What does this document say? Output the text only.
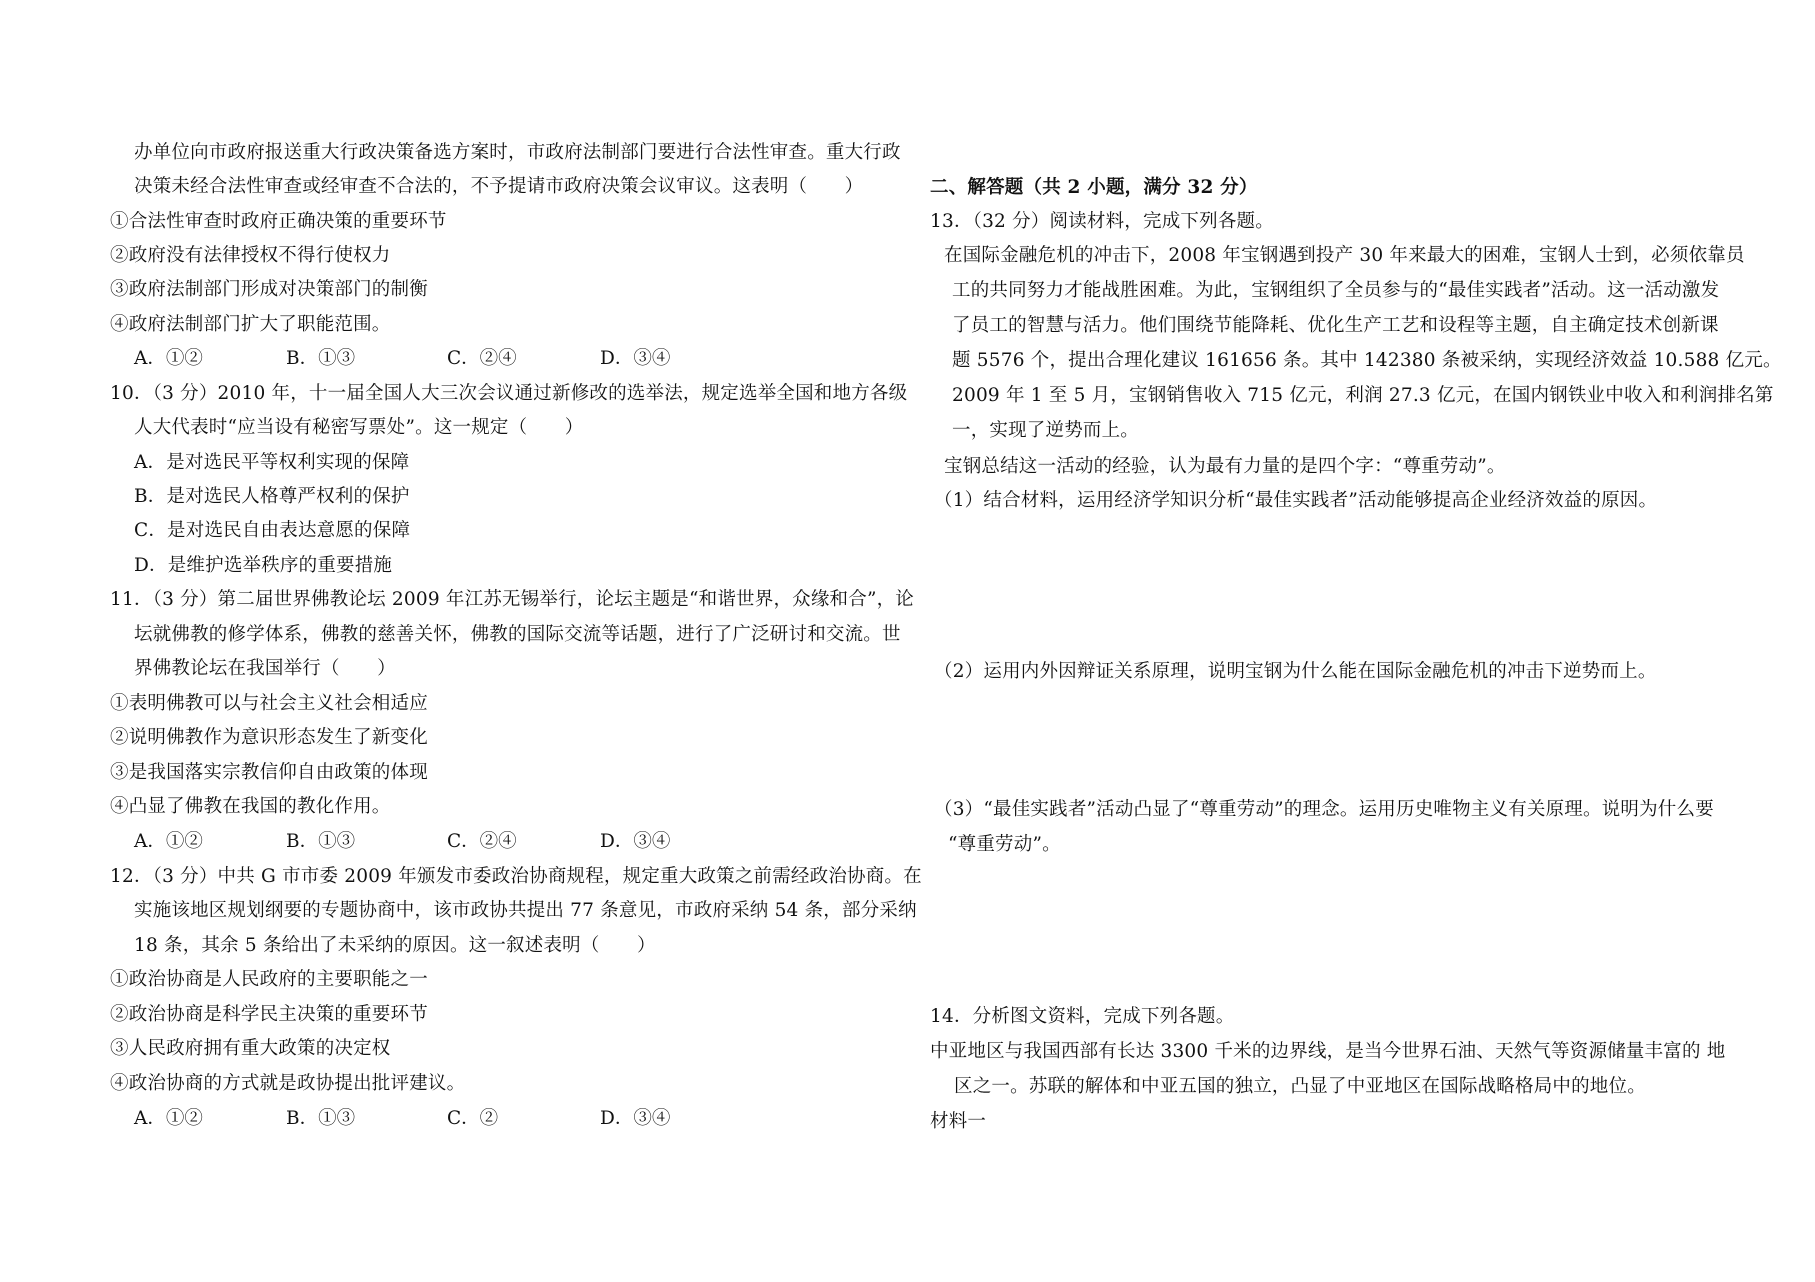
办单位向市政府报送重大行政决策备选方案时，市政府法制部门要进行合法性审查。重大行政
决策未经合法性审查或经审查不合法的，不予提请市政府决策会议审议。这表明（　　）
①合法性审查时政府正确决策的重要环节
②政府没有法律授权不得行使权力
③政府法制部门形成对决策部门的制衡
④政府法制部门扩大了职能范围。
A．①②	B．①③	C．②④	D．③④
10．（3 分）2010 年，十一届全国人大三次会议通过新修改的选举法，规定选举全国和地方各级
人大代表时“应当设有秘密写票处”。这一规定（　　）
A．是对选民平等权利实现的保障
B．是对选民人格尊严权利的保护
C．是对选民自由表达意愿的保障
D．是维护选举秩序的重要措施
11．（3 分）第二届世界佛教论坛 2009 年江苏无锡举行，论坛主题是“和谐世界，众缘和合”，论
坛就佛教的修学体系，佛教的慈善关怀，佛教的国际交流等话题，进行了广泛研讨和交流。世
界佛教论坛在我国举行（　　）
①表明佛教可以与社会主义社会相适应
②说明佛教作为意识形态发生了新变化
③是我国落实宗教信仰自由政策的体现
④凸显了佛教在我国的教化作用。
A．①②	B．①③	C．②④	D．③④
12．（3 分）中共 G 市市委 2009 年颁发市委政治协商规程，规定重大政策之前需经政治协商。在
实施该地区规划纲要的专题协商中，该市政协共提出 77 条意见，市政府采纳 54 条，部分采纳
18 条，其余 5 条给出了未采纳的原因。这一叙述表明（　　）
①政治协商是人民政府的主要职能之一
②政治协商是科学民主决策的重要环节
③人民政府拥有重大政策的决定权
④政治协商的方式就是政协提出批评建议。
A．①②	B．①③	C．②	D．③④
二、解答题（共 2 小题，满分 32 分）
13．（32 分）阅读材料，完成下列各题。
在国际金融危机的冲击下，2008 年宝钢遇到投产 30 年来最大的困难，宝钢人士到，必须依靠员
工的共同努力才能战胜困难。为此，宝钢组织了全员参与的“最佳实践者”活动。这一活动激发
了员工的智慧与活力。他们围绕节能降耗、优化生产工艺和设程等主题，自主确定技术创新课
题 5576 个，提出合理化建议 161656 条。其中 142380 条被采纳，实现经济效益 10.588 亿元。
2009 年 1 至 5 月，宝钢销售收入 715 亿元，利润 27.3 亿元，在国内钢铁业中收入和利润排名第
一，实现了逆势而上。
宝钢总结这一活动的经验，认为最有力量的是四个字：“尊重劳动”。
（1）结合材料，运用经济学知识分析“最佳实践者”活动能够提高企业经济效益的原因。
（2）运用内外因辩证关系原理，说明宝钢为什么能在国际金融危机的冲击下逆势而上。
（3）“最佳实践者”活动凸显了“尊重劳动”的理念。运用历史唯物主义有关原理。说明为什么要
“尊重劳动”。
14．分析图文资料，完成下列各题。
中亚地区与我国西部有长达 3300 千米的边界线，是当今世界石油、天然气等资源储量丰富的 地
区之一。苏联的解体和中亚五国的独立，凸显了中亚地区在国际战略格局中的地位。
材料一
